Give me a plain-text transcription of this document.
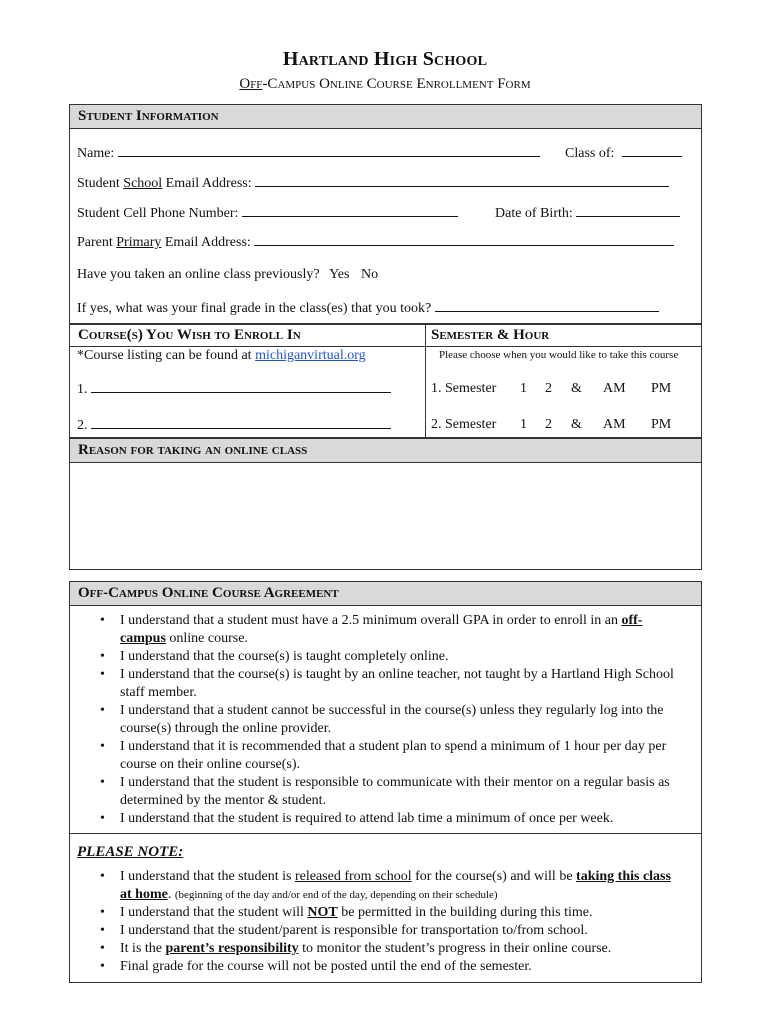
Hartland High School
Off-Campus Online Course Enrollment Form
Student Information
Name:	Class of:
Student School Email Address:
Student Cell Phone Number:	Date of Birth:
Parent Primary Email Address:
Have you taken an online class previously? Yes No
If yes, what was your final grade in the class(es) that you took?
Course(s) You Wish to Enroll In
*Course listing can be found at michiganvirtual.org
1.
2.
Semester & Hour
Please choose when you would like to take this course
1. Semester 1 2 & AM PM
2. Semester 1 2 & AM PM
Reason for taking an online class
Off-Campus Online Course Agreement
• I understand that a student must have a 2.5 minimum overall GPA in order to enroll in an off-campus online course.
• I understand that the course(s) is taught completely online.
• I understand that the course(s) is taught by an online teacher, not taught by a Hartland High School staff member.
• I understand that a student cannot be successful in the course(s) unless they regularly log into the course(s) through the online provider.
• I understand that it is recommended that a student plan to spend a minimum of 1 hour per day per course on their online course(s).
• I understand that the student is responsible to communicate with their mentor on a regular basis as determined by the mentor & student.
• I understand that the student is required to attend lab time a minimum of once per week.
PLEASE NOTE:
• I understand that the student is released from school for the course(s) and will be taking this class at home. (beginning of the day and/or end of the day, depending on their schedule)
• I understand that the student will NOT be permitted in the building during this time.
• I understand that the student/parent is responsible for transportation to/from school.
• It is the parent’s responsibility to monitor the student’s progress in their online course.
• Final grade for the course will not be posted until the end of the semester.
